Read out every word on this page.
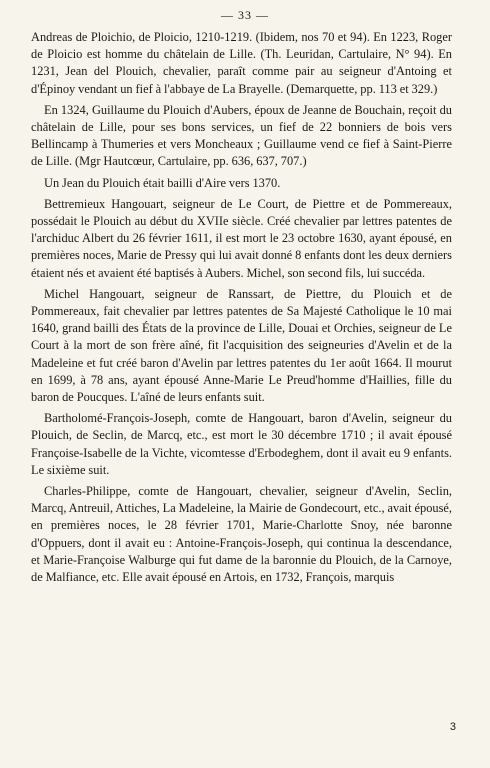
— 33 —

Andreas de Ploichio, de Ploicio, 1210-1219. (Ibidem, nos 70 et 94). En 1223, Roger de Ploicio est homme du châtelain de Lille. (Th. Leuridan, Cartulaire, N° 94). En 1231, Jean del Plouich, chevalier, paraît comme pair au seigneur d'Antoing et d'Épinoy vendant un fief à l'abbaye de La Brayelle. (Demarquette, pp. 113 et 329.)

En 1324, Guillaume du Plouich d'Aubers, époux de Jeanne de Bouchain, reçoit du châtelain de Lille, pour ses bons services, un fief de 22 bonniers de bois vers Bellincamp à Thumeries et vers Moncheaux ; Guillaume vend ce fief à Saint-Pierre de Lille. (Mgr Hautcœur, Cartulaire, pp. 636, 637, 707.)

Un Jean du Plouich était bailli d'Aire vers 1370.

Bettremieux Hangouart, seigneur de Le Court, de Piettre et de Pommereaux, possédait le Plouich au début du XVIIe siècle. Créé chevalier par lettres patentes de l'archiduc Albert du 26 février 1611, il est mort le 23 octobre 1630, ayant épousé, en premières noces, Marie de Pressy qui lui avait donné 8 enfants dont les deux derniers étaient nés et avaient été baptisés à Aubers. Michel, son second fils, lui succéda.

Michel Hangouart, seigneur de Ranssart, de Piettre, du Plouich et de Pommereaux, fait chevalier par lettres patentes de Sa Majesté Catholique le 10 mai 1640, grand bailli des États de la province de Lille, Douai et Orchies, seigneur de Le Court à la mort de son frère aîné, fit l'acquisition des seigneuries d'Avelin et de la Madeleine et fut créé baron d'Avelin par lettres patentes du 1er août 1664. Il mourut en 1699, à 78 ans, ayant épousé Anne-Marie Le Preud'homme d'Haillies, fille du baron de Poucques. L'aîné de leurs enfants suit.

Bartholomé-François-Joseph, comte de Hangouart, baron d'Avelin, seigneur du Plouich, de Seclin, de Marcq, etc., est mort le 30 décembre 1710 ; il avait épousé Françoise-Isabelle de la Vichte, vicomtesse d'Erbodeghem, dont il avait eu 9 enfants. Le sixième suit.

Charles-Philippe, comte de Hangouart, chevalier, seigneur d'Avelin, Seclin, Marcq, Antreuil, Attiches, La Madeleine, la Mairie de Gondecourt, etc., avait épousé, en premières noces, le 28 février 1701, Marie-Charlotte Snoy, née baronne d'Oppuers, dont il avait eu : Antoine-François-Joseph, qui continua la descendance, et Marie-Françoise Walburge qui fut dame de la baronnie du Plouich, de la Carnoye, de Malfiance, etc. Elle avait épousé en Artois, en 1732, François, marquis

3
